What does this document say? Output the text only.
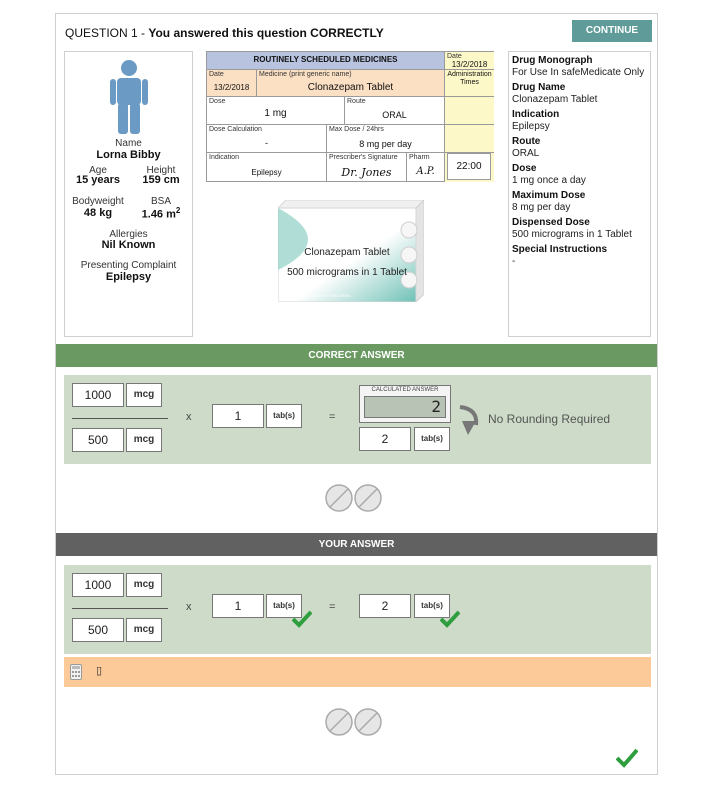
QUESTION 1 - You answered this question CORRECTLY	CONTINUE
Name
Lorna Bibby
Age
15 years
Height
159 cm
Bodyweight
48 kg
BSA
1.46 $m^2$
Allergies
Nil Known
Presenting Complaint
Epilepsy
ROUTINELY SCHEDULED MEDICINES	Date
13/2/2018
Date
13/2/2018
Medicine (print generic name)
Clonazepam Tablet
Administration Times
Dose
1 mg
Route
ORAL
Dose Calculation
-
Max Dose / 24hrs
8 mg per day
Indication
Epilepsy
Prescriber's Signature
Dr. Jones
Pharm
A.P.	22:00
Clonazepam Tablet
500 micrograms in 1 Tablet
KEEP OUT OF REACH OF CHILDREN
Drug Monograph
For Use In safeMedicate Only
Drug Name
Clonazepam Tablet
Indication
Epilepsy
Route
ORAL
Dose
1 mg once a day
Maximum Dose
8 mg per day
Dispensed Dose
500 micrograms in 1 Tablet
Special Instructions
-
CORRECT ANSWER
1000	mcg
500	mcg
x	1	tab(s)	=
CALCULATED ANSWER
2
2	tab(s)
No Rounding Required
YOUR ANSWER
1000	mcg
500	mcg
x	1	tab(s)	=	2	tab(s)
▯
